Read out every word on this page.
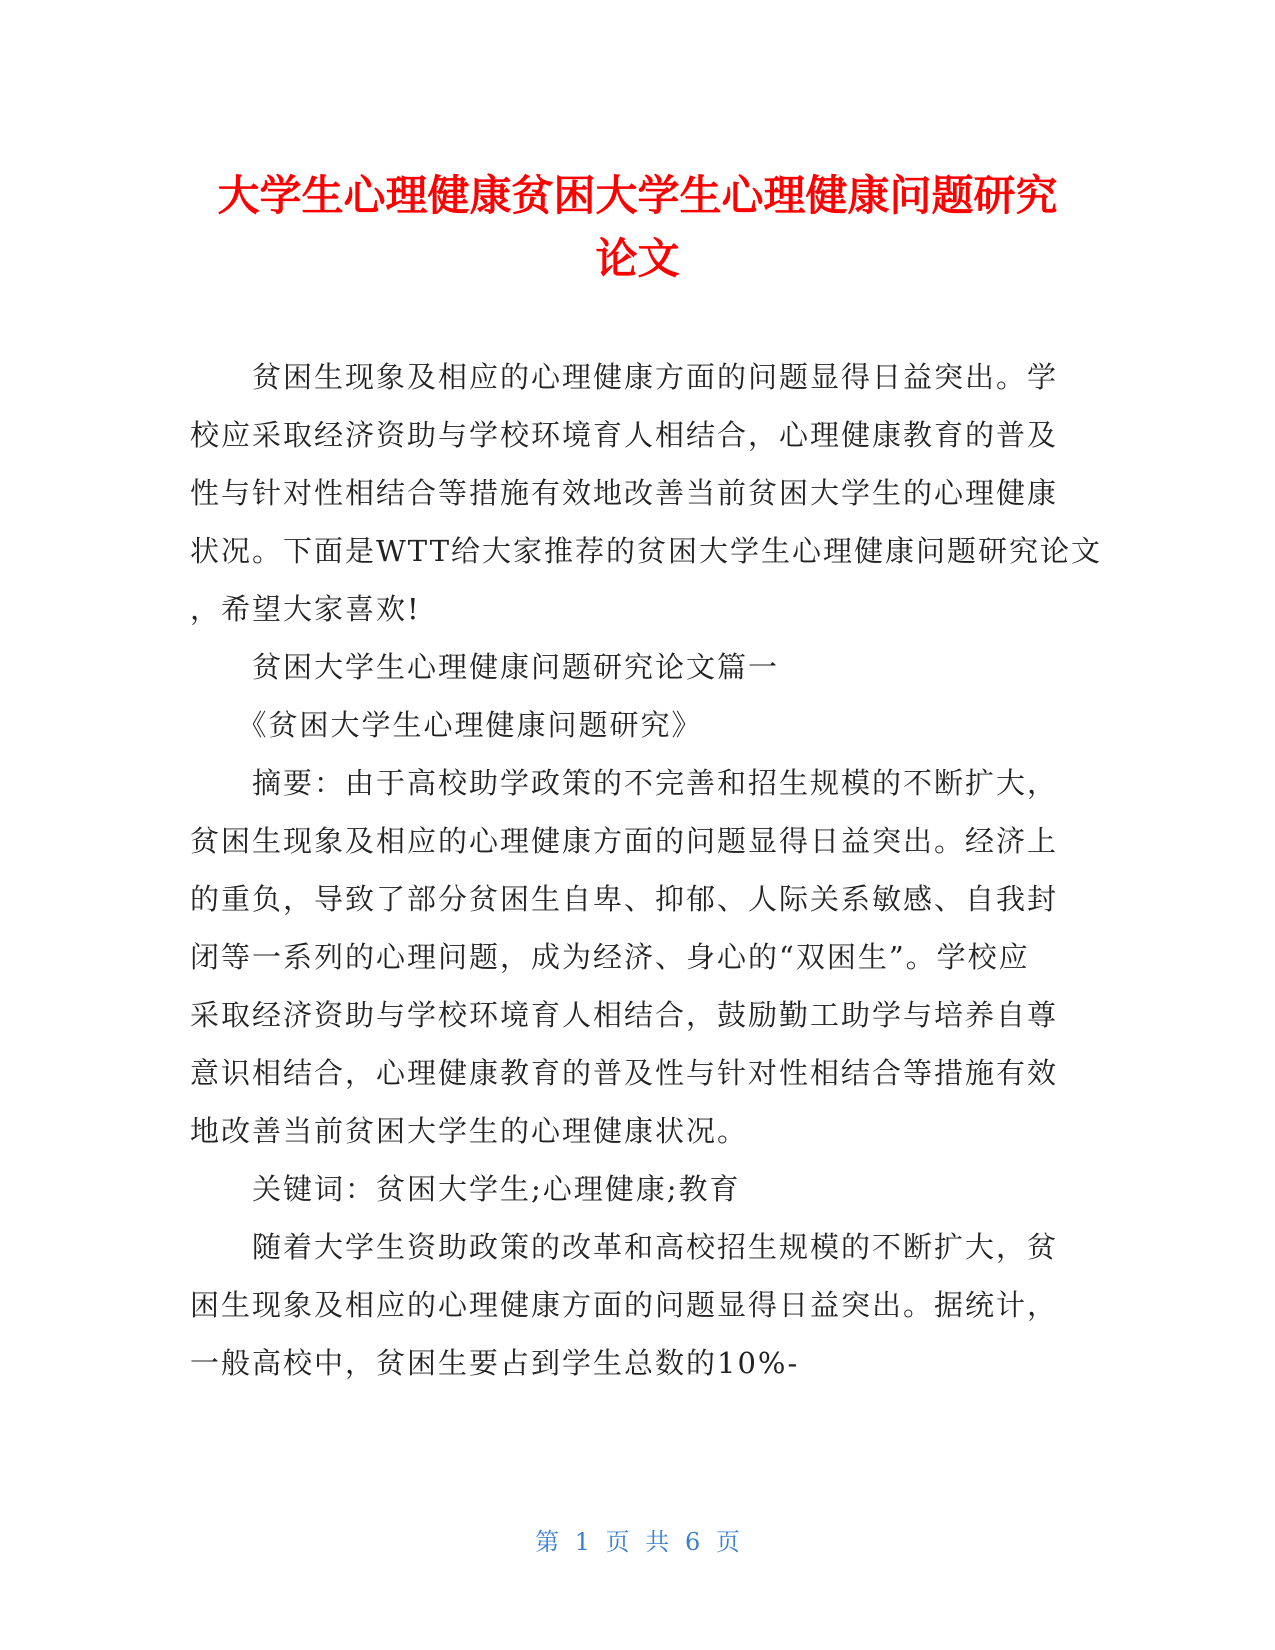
大学生心理健康贫困大学生心理健康问题研究
论文

　　贫困生现象及相应的心理健康方面的问题显得日益突出。学

校应采取经济资助与学校环境育人相结合，心理健康教育的普及

性与针对性相结合等措施有效地改善当前贫困大学生的心理健康

状况。下面是WTT给大家推荐的贫困大学生心理健康问题研究论文

，希望大家喜欢!

　　贫困大学生心理健康问题研究论文篇一

　　《贫困大学生心理健康问题研究》

　　摘要：由于高校助学政策的不完善和招生规模的不断扩大，

贫困生现象及相应的心理健康方面的问题显得日益突出。经济上

的重负，导致了部分贫困生自卑、抑郁、人际关系敏感、自我封

闭等一系列的心理问题，成为经济、身心的“双困生”。学校应

采取经济资助与学校环境育人相结合，鼓励勤工助学与培养自尊

意识相结合，心理健康教育的普及性与针对性相结合等措施有效

地改善当前贫困大学生的心理健康状况。

　　关键词：贫困大学生;心理健康;教育

　　随着大学生资助政策的改革和高校招生规模的不断扩大，贫

困生现象及相应的心理健康方面的问题显得日益突出。据统计，

一般高校中，贫困生要占到学生总数的10%-

第 1 页 共 6 页
